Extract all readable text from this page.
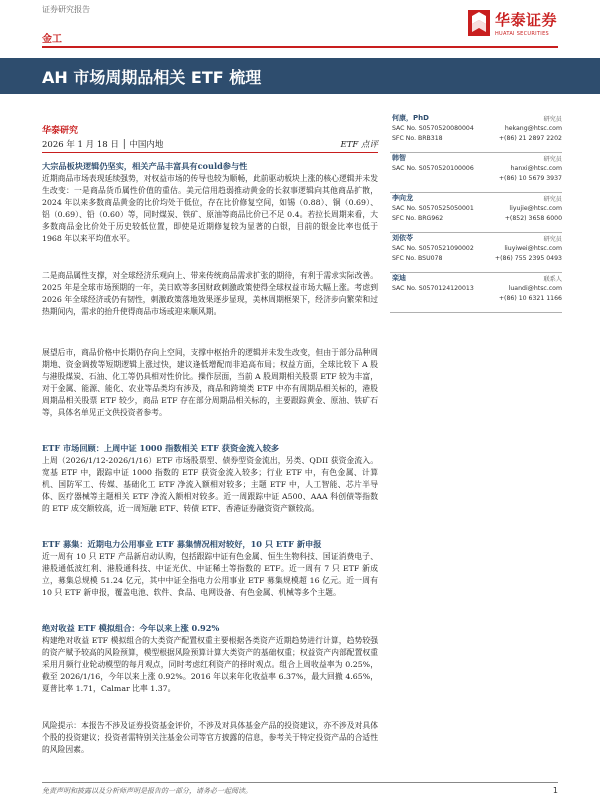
证券研究报告
金工
华泰证券
HUATAI SECURITIES
AH 市场周期品相关 ETF 梳理
华泰研究
2026 年 1 月 18 日 │ 中国内地	ETF 点评
大宗品板块逻辑仍坚实，相关产品丰富具有could参与性

近期商品市场表现延续强势，对权益市场的传导也较为顺畅，此前驱动板块上涨的核心逻辑并未发生改变：一是商品货币属性价值的重估。美元信用趋弱推动黄金的长叙事逻辑向其他商品扩散，2024 年以来多数商品黄金的比价均处于低位，存在比价修复空间，如锡（0.88）、铜（0.69）、铝（0.69）、铅（0.60）等，同时煤炭、铁矿、原油等商品比价已不足 0.4。若拉长周期来看，大多数商品金比价处于历史较低位置，即使是近期修复较为显著的白银，目前的银金比率也低于 1968 年以来平均值水平。

二是商品属性支撑，对全球经济乐观向上、带来传统商品需求扩张的期待，有利于需求实际改善。2025 年是全球市场预期的一年，美日欧等多国财政刺激政策使得全球权益市场大幅上涨。考虑到 2026 年全球经济或仍有韧性，刺激政策落地效果逐步显现，美林周期框架下，经济步向繁荣和过热期间内，需求的抬升使得商品市场或迎来顺风期。

展望后市，商品价格中长期仍存向上空间，支撑中枢抬升的逻辑并未发生改变，但由于部分品种周期地、资金调拨等短期逻辑上涨过快，建议逢低增配而非追高布局；权益方面，全球比较下 A 股与港股煤炭、石油、化工等仍具相对性价比。操作层面，当前 A 股周期相关股票 ETF 较为丰富，对于金属、能源、能化、农业等品类均有涉及，商品和跨境类 ETF 中亦有周期品相关标的，港股周期品相关股票 ETF 较少，商品 ETF 存在部分周期品相关标的，主要跟踪黄金、原油、铁矿石等，具体名单见正文供投资者参考。

ETF 市场回顾：上周中证 1000 指数相关 ETF 获资金流入较多

上周（2026/1/12-2026/1/16）ETF 市场股票型、债券型资金流出，另类、QDII 获资金流入。宽基 ETF 中，跟踪中证 1000 指数的 ETF 获资金流入较多；行业 ETF 中，有色金属、计算机、国防军工、传媒、基础化工 ETF 净流入额相对较多；主题 ETF 中，人工智能、芯片半导体、医疗器械等主题相关 ETF 净流入额相对较多。近一周跟踪中证 A500、AAA 科创债等指数的 ETF 成交额较高，近一周短融 ETF、转债 ETF、香港证券融资资产额较高。

ETF 募集：近期电力公用事业 ETF 募集情况相对较好，10 只 ETF 新申报

近一周有 10 只 ETF 产品新启动认购，包括跟踪中证有色金属、恒生生物科技、国证消费电子、港股通低波红利、港股通科技、中证光伏、中证稀土等指数的 ETF。近一周有 7 只 ETF 新成立，募集总规模 51.24 亿元，其中中证全指电力公用事业 ETF 募集规模超 16 亿元。近一周有 10 只 ETF 新申报，覆盖电池、软件、食品、电网设备、有色金属、机械等多个主题。

绝对收益 ETF 模拟组合：今年以来上涨 0.92%

构建绝对收益 ETF 模拟组合的大类资产配置权重主要根据各类资产近期趋势进行计算，趋势较强的资产赋予较高的风险预算，模型根据风险预算计算大类资产的基础权重；权益资产内部配置权重采用月频行业轮动模型的每月观点，同时考虑红利资产的择时观点。组合上周收益率为 0.25%，截至 2026/1/16，今年以来上涨 0.92%。2016 年以来年化收益率 6.37%，最大回撤 4.65%，夏普比率 1.71，Calmar 比率 1.37。

风险提示：本报告不涉及证券投资基金评价，不涉及对具体基金产品的投资建议，亦不涉及对具体个股的投资建议；投资者需特别关注基金公司等官方披露的信息，参考关于特定投资产品的合适性的风险因素。

何康，PhD	研究员
SAC No. S0570520080004	hekang@htsc.com
SFC No. BRB318	+(86) 21 2897 2202
韩智	研究员
SAC No. S0570520100006	hanxi@htsc.com
+(86) 10 5679 3937
李向龙	研究员
SAC No. S0570525050001	liyujie@htsc.com
SFC No. BRG962	+(852) 3658 6000
刘依苓	研究员
SAC No. S0570521090002	liuyiwei@htsc.com
SFC No. BSU078	+(86) 755 2395 0493
栾迪	联系人
SAC No. S0570124120013	luandi@htsc.com
+(86) 10 6321 1166
免责声明和披露以及分析师声明是报告的一部分，请务必一起阅读。	1
